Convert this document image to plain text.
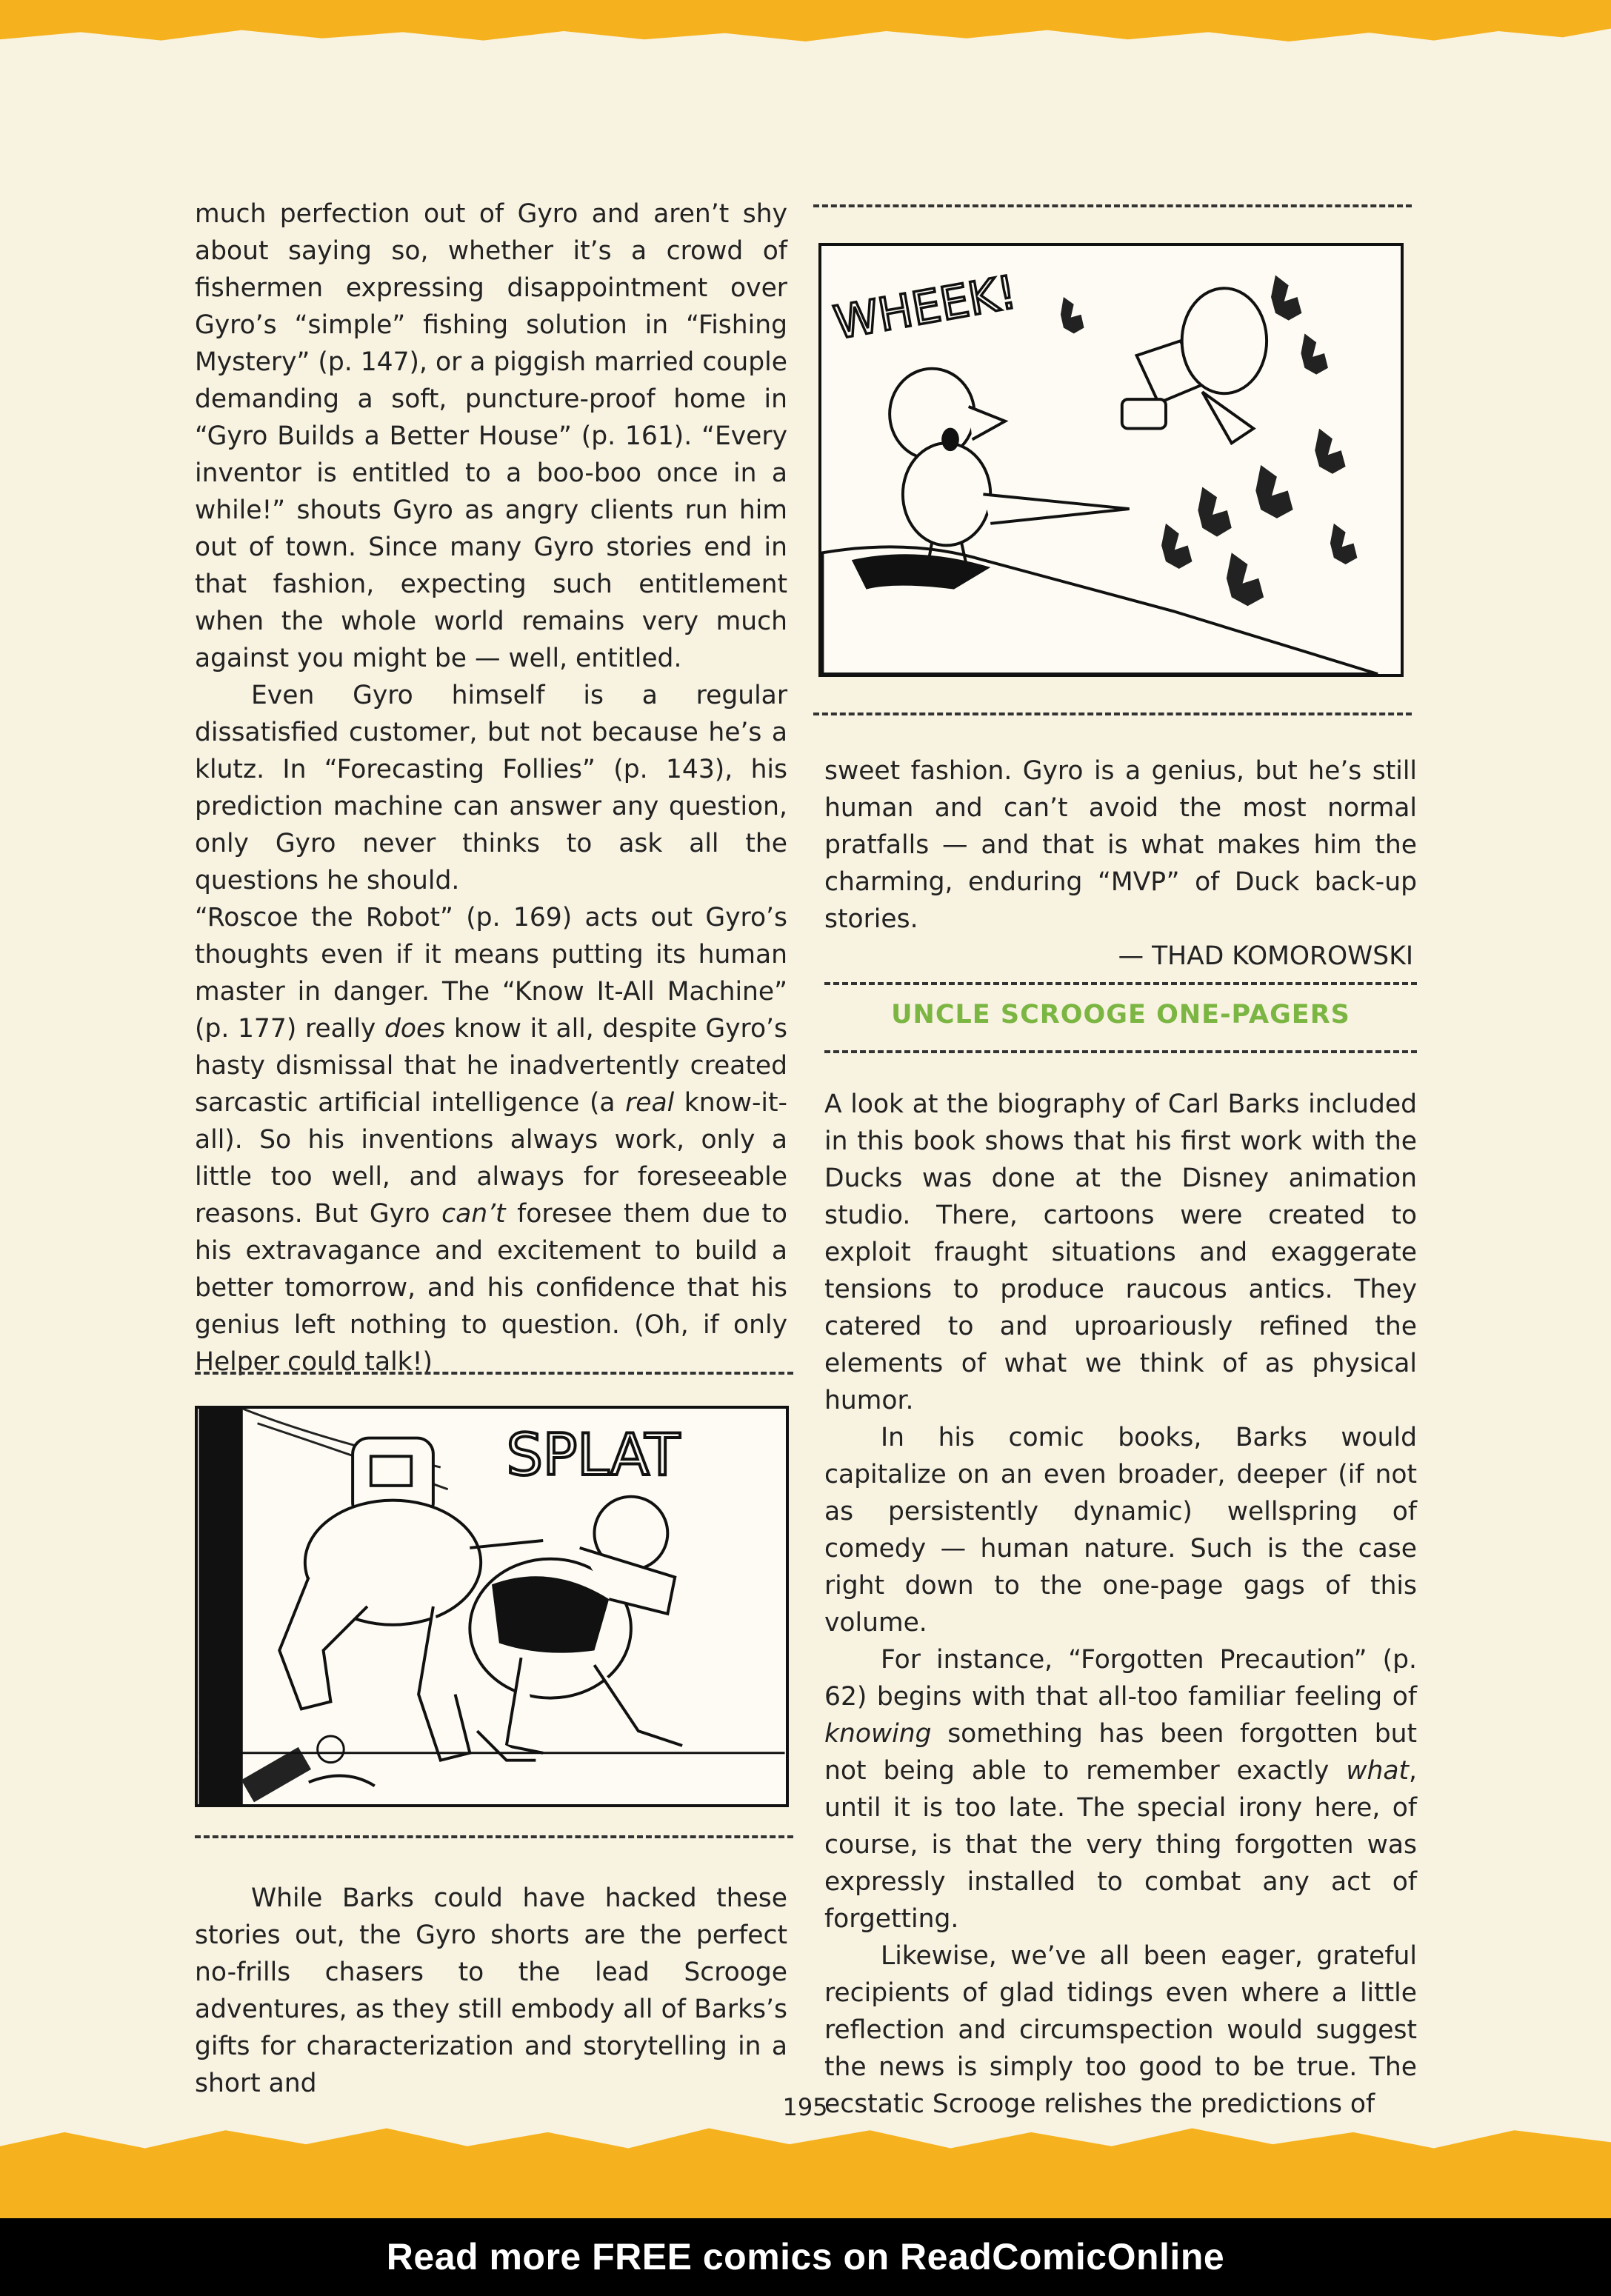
much perfection out of Gyro and aren’t shy about saying so, whether it’s a crowd of fishermen expressing disappointment over Gyro’s “simple” fishing solution in “Fishing Mystery” (p. 147), or a piggish married couple demanding a soft, puncture-proof home in “Gyro Builds a Better House” (p. 161). “Every inventor is entitled to a boo-boo once in a while!” shouts Gyro as angry clients run him out of town. Since many Gyro stories end in that fashion, expecting such entitlement when the whole world remains very much against you might be — well, entitled.

Even Gyro himself is a regular dissatisfied customer, but not because he’s a klutz. In “Forecasting Follies” (p. 143), his prediction machine can answer any question, only Gyro never thinks to ask all the questions he should.

“Roscoe the Robot” (p. 169) acts out Gyro’s thoughts even if it means putting its human master in danger. The “Know It-All Machine” (p. 177) really does know it all, despite Gyro’s hasty dismissal that he inadvertently created sarcastic artificial intelligence (a real know-it-all). So his inventions always work, only a little too well, and always for foreseeable reasons. But Gyro can’t foresee them due to his extravagance and excitement to build a better tomorrow, and his confidence that his genius left nothing to question. (Oh, if only Helper could talk!)

SPLAT

While Barks could have hacked these stories out, the Gyro shorts are the perfect no-frills chasers to the lead Scrooge adventures, as they still embody all of Barks’s gifts for characterization and storytelling in a short and

WHEEK!

sweet fashion. Gyro is a genius, but he’s still human and can’t avoid the most normal pratfalls — and that is what makes him the charming, enduring “MVP” of Duck back-up stories.

— THAD KOMOROWSKI

UNCLE SCROOGE ONE-PAGERS

A look at the biography of Carl Barks included in this book shows that his first work with the Ducks was done at the Disney animation studio. There, cartoons were created to exploit fraught situations and exaggerate tensions to produce raucous antics. They catered to and uproariously refined the elements of what we think of as physical humor.

In his comic books, Barks would capitalize on an even broader, deeper (if not as persistently dynamic) wellspring of comedy — human nature. Such is the case right down to the one-page gags of this volume.

For instance, “Forgotten Precaution” (p. 62) begins with that all-too familiar feeling of knowing something has been forgotten but not being able to remember exactly what, until it is too late. The special irony here, of course, is that the very thing forgotten was expressly installed to combat any act of forgetting.

Likewise, we’ve all been eager, grateful recipients of glad tidings even where a little reflection and circumspection would suggest the news is simply too good to be true. The ecstatic Scrooge relishes the predictions of

195
Read more FREE comics on ReadComicOnline
